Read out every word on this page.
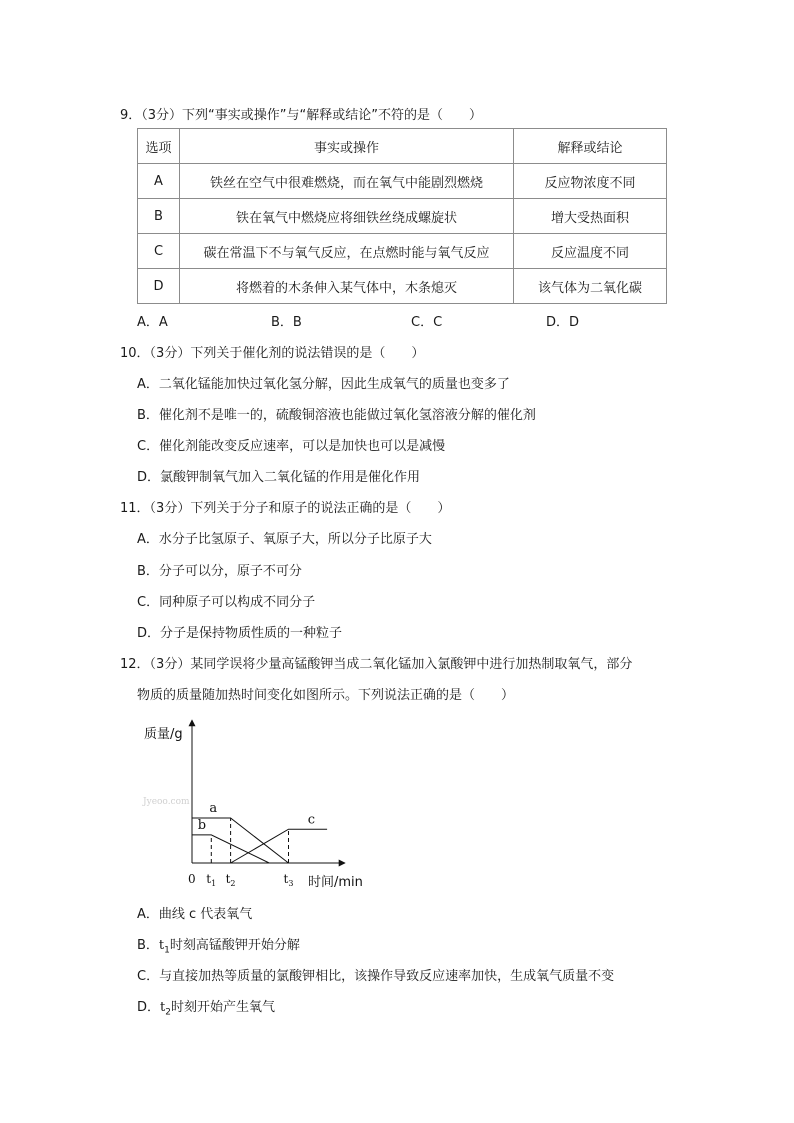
9．（3分）下列“事实或操作”与“解释或结论”不符的是（　　）
选项	事实或操作	解释或结论
A	铁丝在空气中很难燃烧，而在氧气中能剧烈燃烧	反应物浓度不同
B	铁在氧气中燃烧应将细铁丝绕成螺旋状	增大受热面积
C	碳在常温下不与氧气反应，在点燃时能与氧气反应	反应温度不同
D	将燃着的木条伸入某气体中，木条熄灭	该气体为二氧化碳
A．A	B．B	C．C	D．D
10．（3分）下列关于催化剂的说法错误的是（　　）
A．二氧化锰能加快过氧化氢分解，因此生成氧气的质量也变多了
B．催化剂不是唯一的，硫酸铜溶液也能做过氧化氢溶液分解的催化剂
C．催化剂能改变反应速率，可以是加快也可以是减慢
D．氯酸钾制氧气加入二氧化锰的作用是催化作用
11．（3分）下列关于分子和原子的说法正确的是（　　）
A．水分子比氢原子、氧原子大，所以分子比原子大
B．分子可以分，原子不可分
C．同种原子可以构成不同分子
D．分子是保持物质性质的一种粒子
12．（3分）某同学误将少量高锰酸钾当成二氧化锰加入氯酸钾中进行加热制取氧气，部分
物质的质量随加热时间变化如图所示。下列说法正确的是（　　）
Jyeoo.com
质量/g
时间/min
0
a
b	c
$t_1$ $t_2$	$t_3$
A．曲线 c 代表氧气
B．$t_1$时刻高锰酸钾开始分解
C．与直接加热等质量的氯酸钾相比，该操作导致反应速率加快，生成氧气质量不变
D．$t_2$时刻开始产生氧气
